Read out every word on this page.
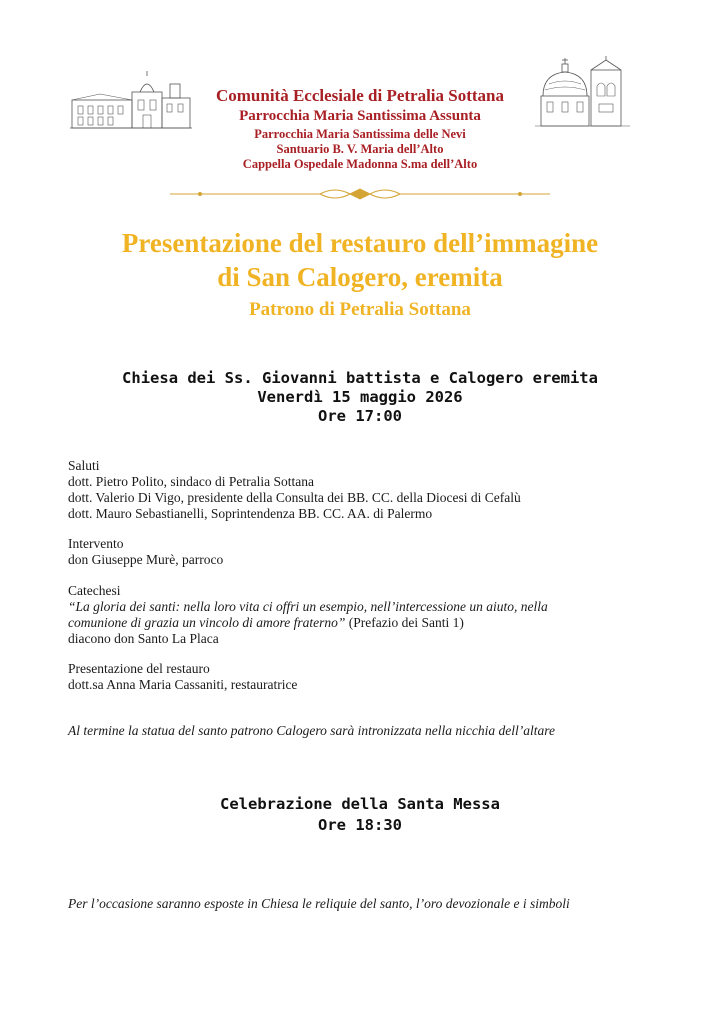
Comunità Ecclesiale di Petralia Sottana
Parrocchia Maria Santissima Assunta
Parrocchia Maria Santissima delle Nevi
Santuario B. V. Maria dell’Alto
Cappella Ospedale Madonna S.ma dell’Alto
Presentazione del restauro dell’immagine
di San Calogero, eremita
Patrono di Petralia Sottana
Chiesa dei Ss. Giovanni battista e Calogero eremita
Venerdì 15 maggio 2026
Ore 17:00
Saluti
dott. Pietro Polito, sindaco di Petralia Sottana
dott. Valerio Di Vigo, presidente della Consulta dei BB. CC. della Diocesi di Cefalù
dott. Mauro Sebastianelli, Soprintendenza BB. CC. AA. di Palermo
Intervento
don Giuseppe Murè, parroco
Catechesi
“La gloria dei santi: nella loro vita ci offri un esempio, nell’intercessione un aiuto, nella
comunione di grazia un vincolo di amore fraterno” (Prefazio dei Santi 1)
diacono don Santo La Placa
Presentazione del restauro
dott.sa Anna Maria Cassaniti, restauratrice
Al termine la statua del santo patrono Calogero sarà intronizzata nella nicchia dell’altare
Celebrazione della Santa Messa
Ore 18:30
Per l’occasione saranno esposte in Chiesa le reliquie del santo, l’oro devozionale e i simboli
